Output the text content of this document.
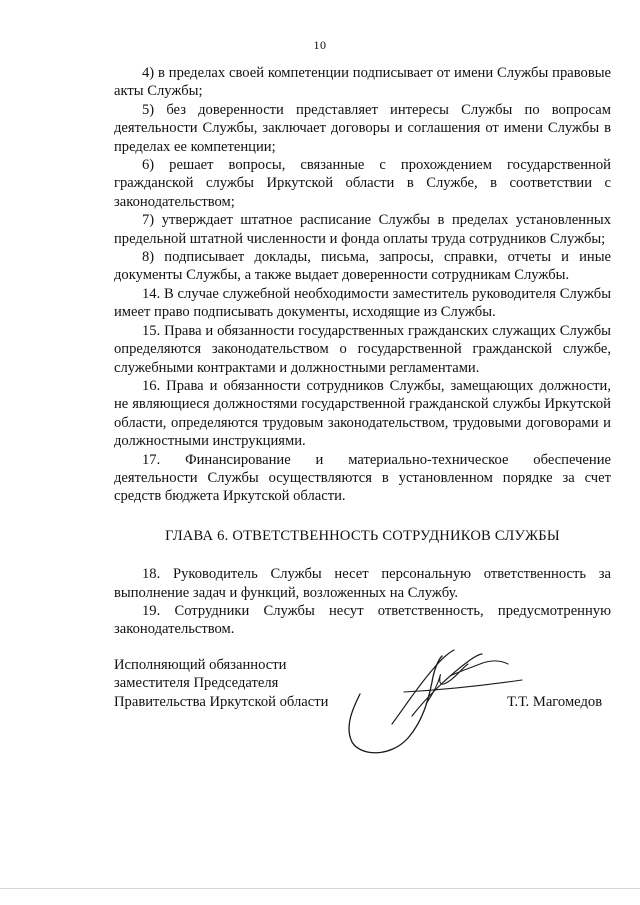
10

4) в пределах своей компетенции подписывает от имени Службы правовые акты Службы;

5) без доверенности представляет интересы Службы по вопросам деятельности Службы, заключает договоры и соглашения от имени Службы в пределах ее компетенции;

6) решает вопросы, связанные с прохождением государственной гражданской службы Иркутской области в Службе, в соответствии с законодательством;

7) утверждает штатное расписание Службы в пределах установленных предельной штатной численности и фонда оплаты труда сотрудников Службы;

8) подписывает доклады, письма, запросы, справки, отчеты и иные документы Службы, а также выдает доверенности сотрудникам Службы.

14. В случае служебной необходимости заместитель руководителя Службы имеет право подписывать документы, исходящие из Службы.

15. Права и обязанности государственных гражданских служащих Службы определяются законодательством о государственной гражданской службе, служебными контрактами и должностными регламентами.

16. Права и обязанности сотрудников Службы, замещающих должности, не являющиеся должностями государственной гражданской службы Иркутской области, определяются трудовым законодательством, трудовыми договорами и должностными инструкциями.

17. Финансирование и материально-техническое обеспечение деятельности Службы осуществляются в установленном порядке за счет средств бюджета Иркутской области.

ГЛАВА 6. ОТВЕТСТВЕННОСТЬ СОТРУДНИКОВ СЛУЖБЫ

18. Руководитель Службы несет персональную ответственность за выполнение задач и функций, возложенных на Службу.

19. Сотрудники Службы несут ответственность, предусмотренную законодательством.

Исполняющий обязанности
заместителя Председателя
Правительства Иркутской области	Т.Т. Магомедов
